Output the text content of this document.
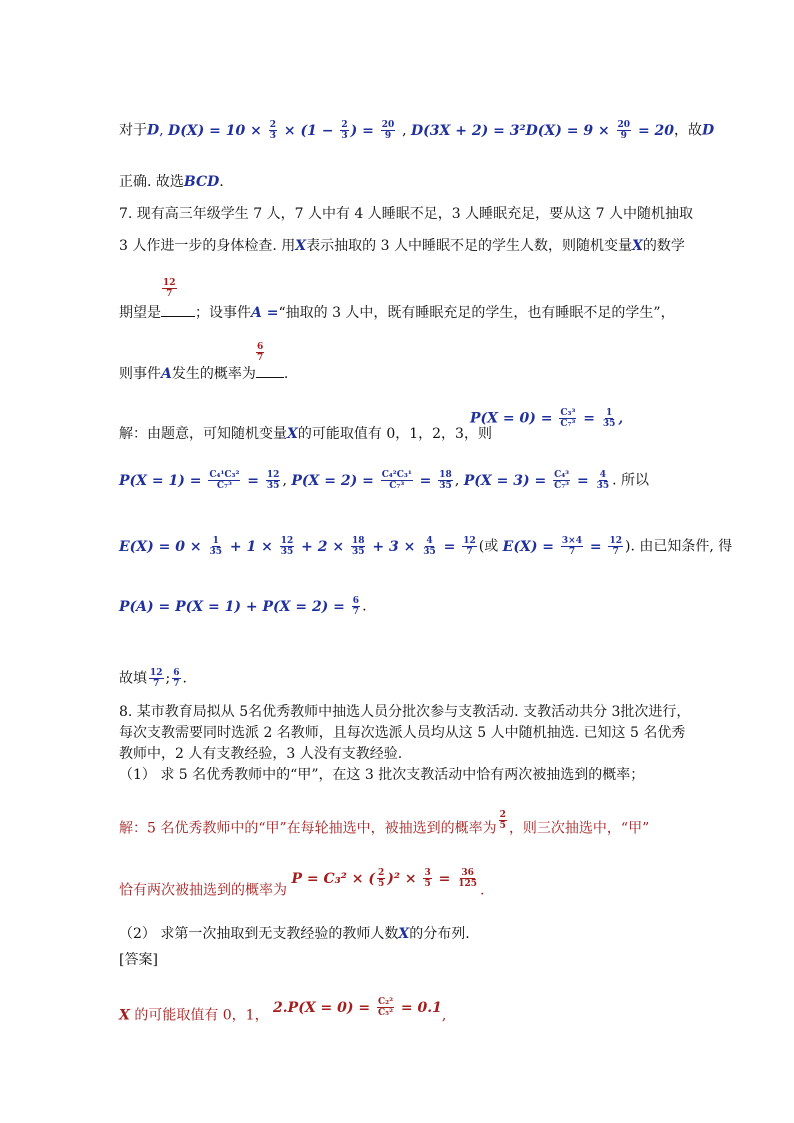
对于D, $D(X) = 10 \times \frac{2}{3} \times (1 - \frac{2}{3}$ ) = $\frac{20}{9}$ , $D(3X + 2) = 3^2D(X) = 9 \times \frac{20}{9} = 20$，故D
正确. 故选BCD.
7. 现有高三年级学生 7 人，7 人中有 4 人睡眠不足，3 人睡眠充足，要从这 7 人中随机抽取
3 人作进一步的身体检查. 用X表示抽取的 3 人中睡眠不足的学生人数，则随机变量X的数学
$\frac{12}{7}$
期望是 ；设事件A =“抽取的 3 人中，既有睡眠充足的学生，也有睡眠不足的学生”，
$\frac{6}{7}$
则事件A发生的概率为 .
解：由题意，可知随机变量X的可能取值有 0，1，2，3，则
$P(X = 0) = \frac{\text{C₃³}}{\text{C₇³}} = \frac{1}{35}$ ,
$P(X = 1) = \frac{\text{C₄¹C₃²}}{\text{C₇³}} = \frac{12}{35}$ , $P(X = 2) = \frac{\text{C₄²C₃¹}}{\text{C₇³}} = \frac{18}{35}$ , $P(X = 3) = \frac{\text{C₄³}}{\text{C₇³}} = \frac{4}{35}$ . 所以
$E(X) = 0 \times \frac{1}{35} + 1 \times \frac{12}{35} + 2 \times \frac{18}{35} + 3 \times \frac{4}{35} = \frac{12}{7}$ (或 $E(X) = \frac{3\times 4}{7} = \frac{12}{7}$ ). 由已知条件, 得
$P(A) = P(X = 1) + P(X = 2) = \frac{6}{7}$ .
故填 $\frac{12}{7}$ ; $\frac{6}{7}$ .
8. 某市教育局拟从 5名优秀教师中抽选人员分批次参与支教活动. 支教活动共分 3批次进行，
每次支教需要同时选派 2 名教师，且每次选派人员均从这 5 人中随机抽选. 已知这 5 名优秀
教师中，2 人有支教经验，3 人没有支教经验.
（1） 求 5 名优秀教师中的“甲”，在这 3 批次支教活动中恰有两次被抽选到的概率；
解：5 名优秀教师中的“甲”在每轮抽选中，被抽选到的概率为 $\frac{2}{5}$ ，则三次抽选中，“甲”
恰有两次被抽选到的概率为 P = C₃² × ( $\frac{2}{5} )^2 \times \frac{3}{5} = \frac{36}{125}$
.
（2） 求第一次抽取到无支教经验的教师人数X的分布列.
[答案]
X 的可能取值有 0，1， $2.P(X = 0) = \frac{\text{C₂²}}{\text{C₅²}} = 0.1$,
